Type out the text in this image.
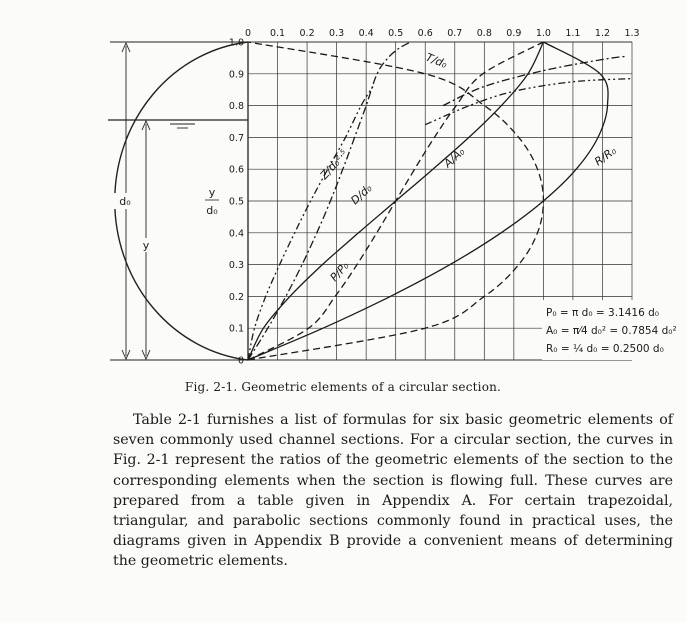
d₀
y
0 0.1 0.2 0.3 0.4 0.5 0.6 0.7 0.8 0.9 1.0 1.1 1.2 1.3
0
0.1
0.2
0.3
0.4
0.5
0.6
0.7
0.8
0.9
1.0
y
d₀
T/d₀
A/A₀
P/P₀
R/R₀
D/d₀
Z/d₀²·⁵
P₀ = π d₀ = 3.1416 d₀
A₀ = π⁄4 d₀² = 0.7854 d₀²
R₀ = ¼ d₀ = 0.2500 d₀
Fig. 2-1. Geometric elements of a circular section.

Table 2-1 furnishes a list of formulas for six basic geometric elements of seven commonly used channel sections. For a circular section, the curves in Fig. 2-1 represent the ratios of the geometric elements of the section to the corresponding elements when the section is flowing full. These curves are prepared from a table given in Appendix A. For certain trapezoidal, triangular, and parabolic sections commonly found in practical uses, the diagrams given in Appendix B provide a convenient means of determining the geometric elements.
